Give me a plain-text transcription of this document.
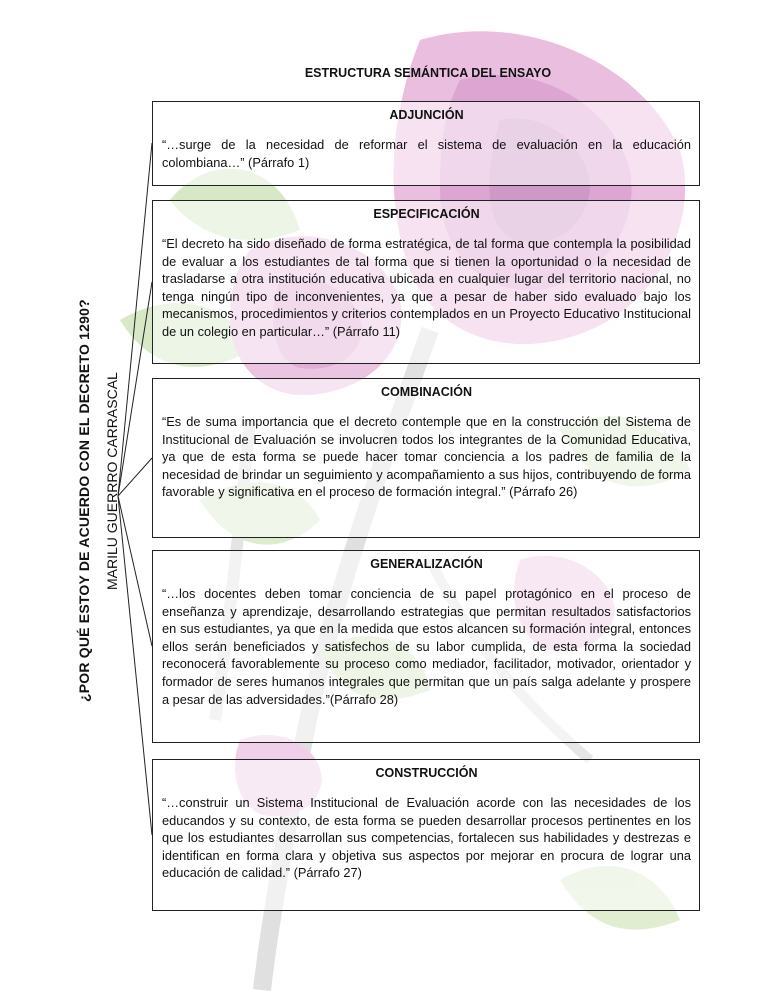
ESTRUCTURA SEMÁNTICA DEL ENSAYO
¿POR QUÉ ESTOY DE ACUERDO CON EL DECRETO 1290? MARILU GUERRRO CARRASCAL
ADJUNCIÓN

“…surge de la necesidad de reformar el sistema de evaluación en la educación colombiana…” (Párrafo 1)

ESPECIFICACIÓN

“El decreto ha sido diseñado de forma estratégica, de tal forma que contempla la posibilidad de evaluar a los estudiantes de tal forma que si tienen la oportunidad o la necesidad de trasladarse a otra institución educativa ubicada en cualquier lugar del territorio nacional, no tenga ningún tipo de inconvenientes, ya que a pesar de haber sido evaluado bajo los mecanismos, procedimientos y criterios contemplados en un Proyecto Educativo Institucional de un colegio en particular…” (Párrafo 11)

COMBINACIÓN

“Es de suma importancia que el decreto contemple que en la construcción del Sistema de Institucional de Evaluación se involucren todos los integrantes de la Comunidad Educativa, ya que de esta forma se puede hacer tomar conciencia a los padres de familia de la necesidad de brindar un seguimiento y acompañamiento a sus hijos, contribuyendo de forma favorable y significativa en el proceso de formación integral.” (Párrafo 26)

GENERALIZACIÓN

“…los docentes deben tomar conciencia de su papel protagónico en el proceso de enseñanza y aprendizaje, desarrollando estrategias que permitan resultados satisfactorios en sus estudiantes, ya que en la medida que estos alcancen su formación integral, entonces ellos serán beneficiados y satisfechos de su labor cumplida, de esta forma la sociedad reconocerá favorablemente su proceso como mediador, facilitador, motivador, orientador y formador de seres humanos integrales que permitan que un país salga adelante y prospere a pesar de las adversidades.”(Párrafo 28)

CONSTRUCCIÓN

“…construir un Sistema Institucional de Evaluación acorde con las necesidades de los educandos y su contexto, de esta forma se pueden desarrollar procesos pertinentes en los que los estudiantes desarrollan sus competencias, fortalecen sus habilidades y destrezas e identifican en forma clara y objetiva sus aspectos por mejorar en procura de lograr una educación de calidad.” (Párrafo 27)
